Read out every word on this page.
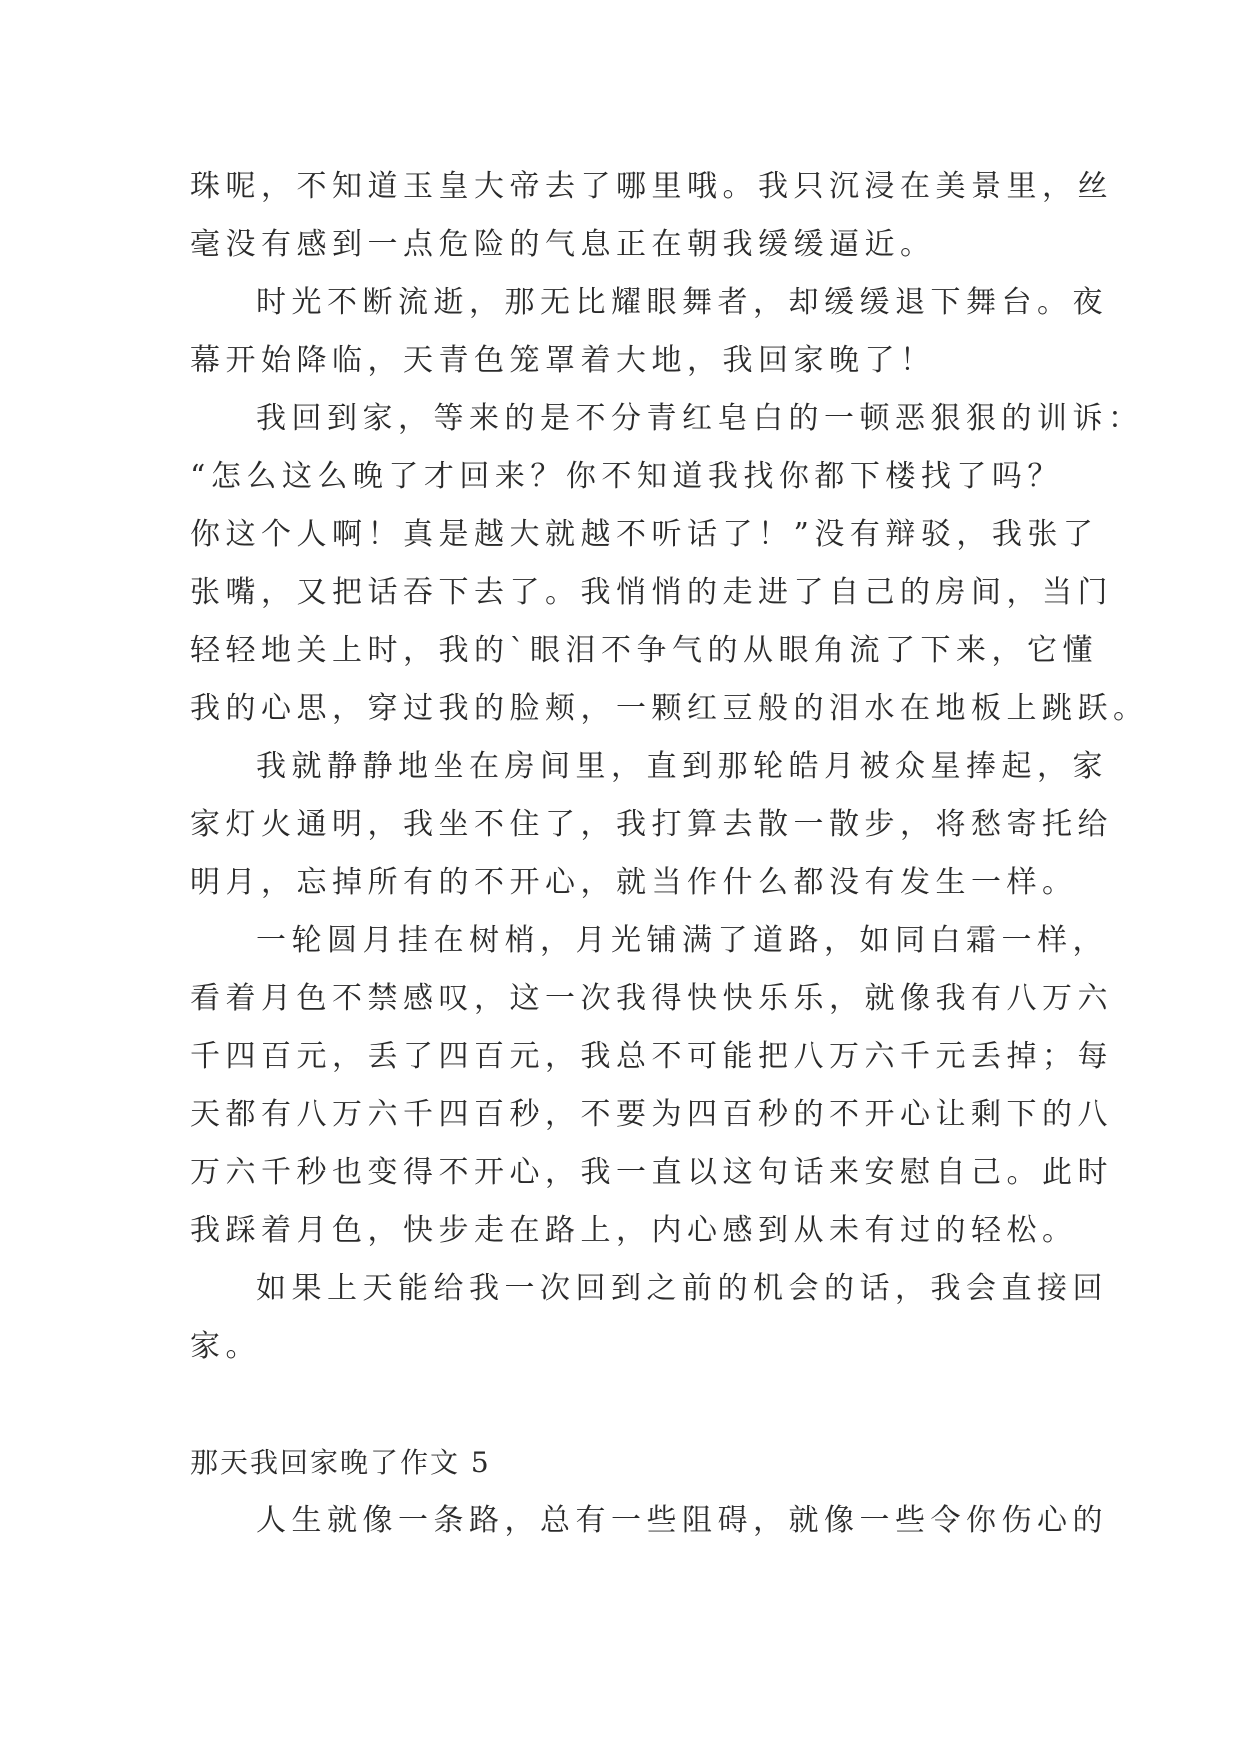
珠呢，不知道玉皇大帝去了哪里哦。我只沉浸在美景里，丝
毫没有感到一点危险的气息正在朝我缓缓逼近。
时光不断流逝，那无比耀眼舞者，却缓缓退下舞台。夜
幕开始降临，天青色笼罩着大地，我回家晚了！
我回到家，等来的是不分青红皂白的一顿恶狠狠的训诉：
“怎么这么晚了才回来？你不知道我找你都下楼找了吗？
你这个人啊！真是越大就越不听话了！”没有辩驳，我张了
张嘴，又把话吞下去了。我悄悄的走进了自己的房间，当门
轻轻地关上时，我的`眼泪不争气的从眼角流了下来，它懂
我的心思，穿过我的脸颊，一颗红豆般的泪水在地板上跳跃。
我就静静地坐在房间里，直到那轮皓月被众星捧起，家
家灯火通明，我坐不住了，我打算去散一散步，将愁寄托给
明月，忘掉所有的不开心，就当作什么都没有发生一样。
一轮圆月挂在树梢，月光铺满了道路，如同白霜一样，
看着月色不禁感叹，这一次我得快快乐乐，就像我有八万六
千四百元，丢了四百元，我总不可能把八万六千元丢掉；每
天都有八万六千四百秒，不要为四百秒的不开心让剩下的八
万六千秒也变得不开心，我一直以这句话来安慰自己。此时
我踩着月色，快步走在路上，内心感到从未有过的轻松。
如果上天能给我一次回到之前的机会的话，我会直接回
家。
那天我回家晚了作文 5
人生就像一条路，总有一些阻碍，就像一些令你伤心的
